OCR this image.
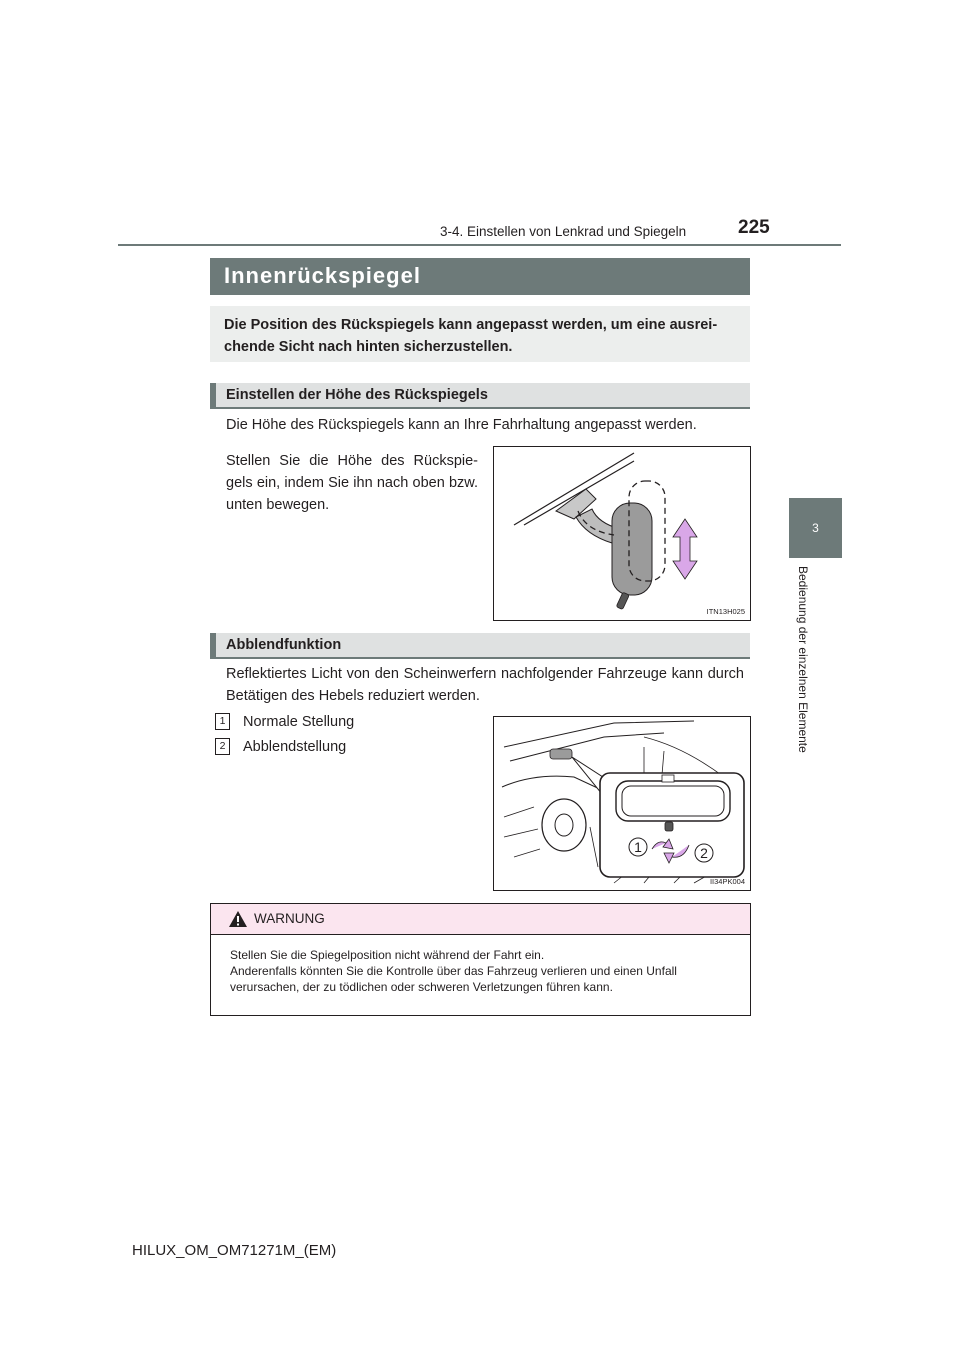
3-4. Einstellen von Lenkrad und Spiegeln	225
3
Bedienung der einzelnen Elemente
Innenrückspiegel

Die Position des Rückspiegels kann angepasst werden, um eine ausrei-chende Sicht nach hinten sicherzustellen.

Einstellen der Höhe des Rückspiegels

Die Höhe des Rückspiegels kann an Ihre Fahrhaltung angepasst werden.

Stellen Sie die Höhe des Rückspie-gels ein, indem Sie ihn nach oben bzw. unten bewegen.

ITN13H025
Abblendfunktion

Reflektiertes Licht von den Scheinwerfern nachfolgender Fahrzeuge kann durch Betätigen des Hebels reduziert werden.

1	Normale Stellung
2	Abblendstellung
1	2
II34PK004
WARNUNG
Stellen Sie die Spiegelposition nicht während der Fahrt ein.
Anderenfalls könnten Sie die Kontrolle über das Fahrzeug verlieren und einen Unfall
verursachen, der zu tödlichen oder schweren Verletzungen führen kann.
HILUX_OM_OM71271M_(EM)
